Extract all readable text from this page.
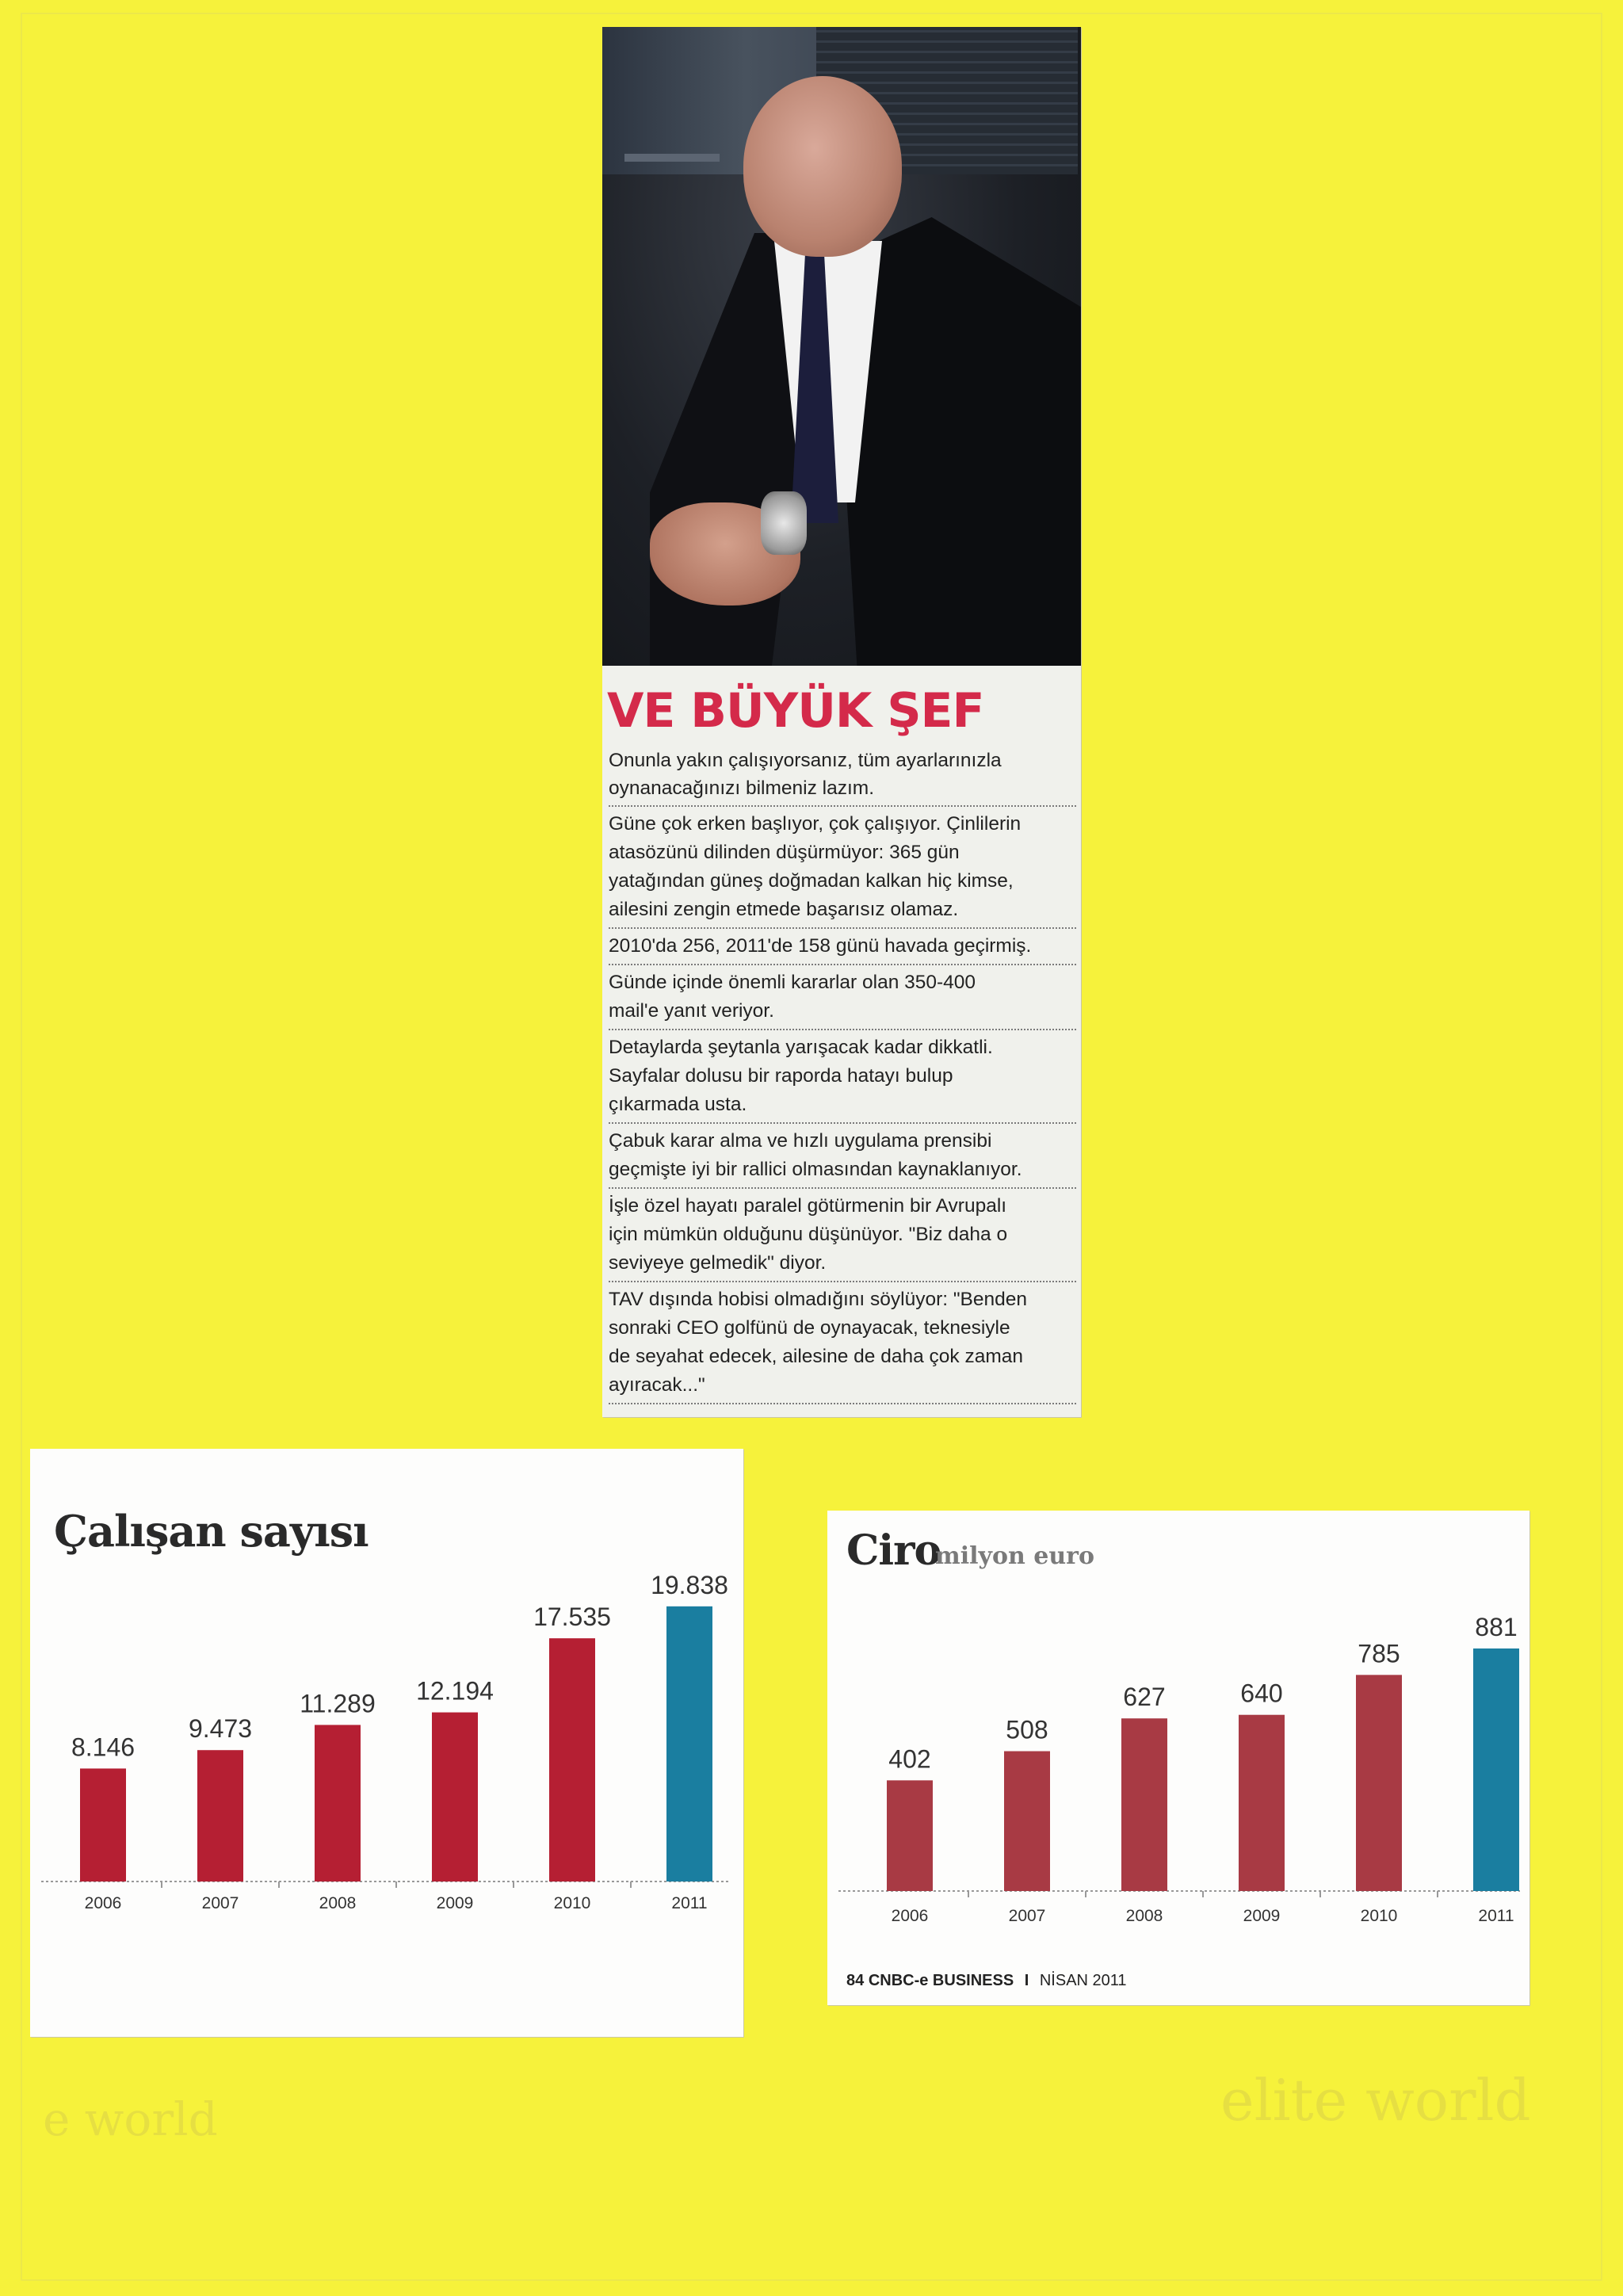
elite world
e world
VE BÜYÜK ŞEF
Onunla yakın çalışıyorsanız, tüm ayarlarınızla
oynanacağınızı bilmeniz lazım.

Güne çok erken başlıyor, çok çalışıyor. Çinlilerin

atasözünü dilinden düşürmüyor: 365 gün

yatağından güneş doğmadan kalkan hiç kimse,

ailesini zengin etmede başarısız olamaz.

2010'da 256, 2011'de 158 günü havada geçirmiş.

Günde içinde önemli kararlar olan 350-400

mail'e yanıt veriyor.

Detaylarda şeytanla yarışacak kadar dikkatli.

Sayfalar dolusu bir raporda hatayı bulup

çıkarmada usta.

Çabuk karar alma ve hızlı uygulama prensibi

geçmişte iyi bir rallici olmasından kaynaklanıyor.

İşle özel hayatı paralel götürmenin bir Avrupalı

için mümkün olduğunu düşünüyor. "Biz daha o

seviyeye gelmedik" diyor.

TAV dışında hobisi olmadığını söylüyor: "Benden

sonraki CEO golfünü de oynayacak, teknesiyle

de seyahat edecek, ailesine de daha çok zaman

ayıracak..."

Çalışan sayısı
8.146
2006
9.473
2007
11.289
2008
12.194
2009
17.535
2010
19.838
2011
Ciro
milyon euro
402
2006
508
2007
627
2008
640
2009
785
2010
881
2011
84 CNBC-e BUSINESS I NİSAN 2011
